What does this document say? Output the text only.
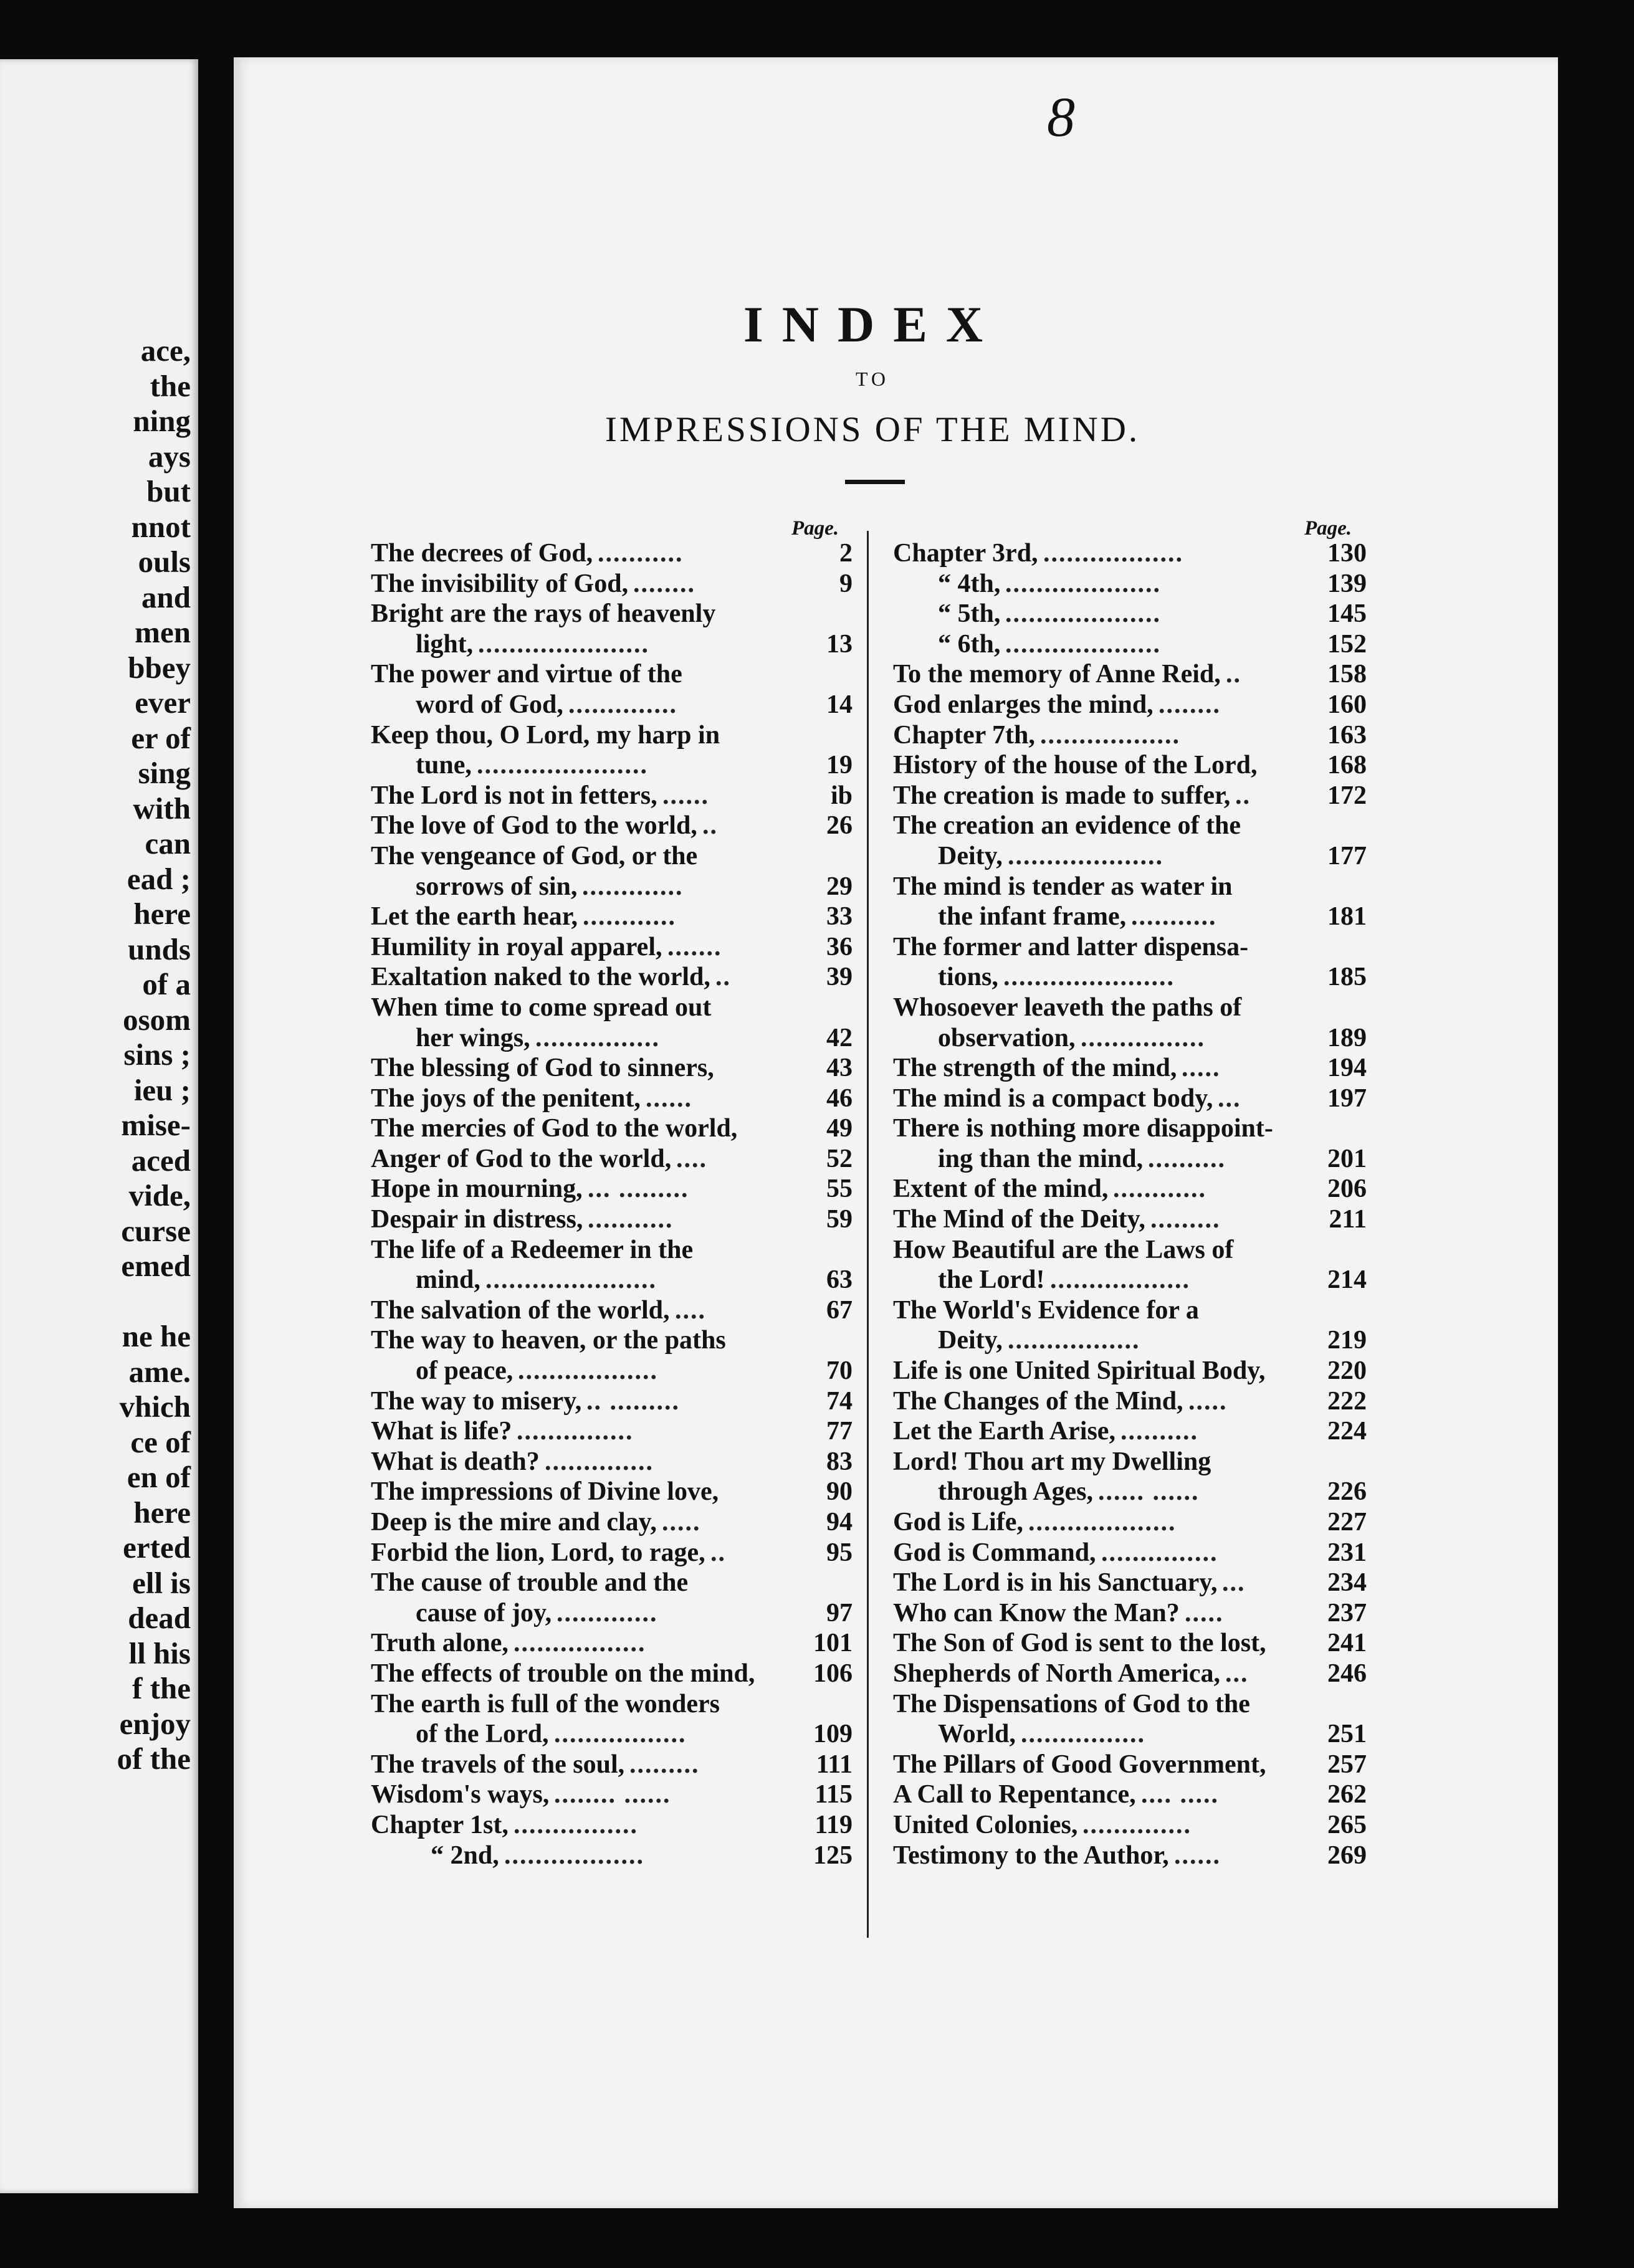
ace,
the
ning
ays
but
nnot
ouls
and
men
bbey
ever
er of
sing
with
can
ead ;
here
unds
of a
osom
sins ;
ieu ;
mise-
aced
vide,
curse
emed
ne he
ame.
vhich
ce of
en of
here
erted
ell is
dead
ll his
f the
enjoy
of the
8
INDEX
TO
IMPRESSIONS OF THE MIND.
Page.	Page.
The decrees of God, ...........	2
The invisibility of God, ........	9
Bright are the rays of heavenly
light, ......................	13
The power and virtue of the
word of God, ..............	14
Keep thou, O Lord, my harp in
tune, ......................	19
The Lord is not in fetters, ......	ib
The love of God to the world, ..	26
The vengeance of God, or the
sorrows of sin, .............	29
Let the earth hear, ............	33
Humility in royal apparel, .......	36
Exaltation naked to the world, ..	39
When time to come spread out
her wings, ................	42
The blessing of God to sinners,	43
The joys of the penitent, ......	46
The mercies of God to the world,	49
Anger of God to the world, ....	52
Hope in mourning, ... .........	55
Despair in distress, ...........	59
The life of a Redeemer in the
mind, ......................	63
The salvation of the world, ....	67
The way to heaven, or the paths
of peace, ..................	70
The way to misery, .. .........	74
What is life? ...............	77
What is death? ..............	83
The impressions of Divine love,	90
Deep is the mire and clay, .....	94
Forbid the lion, Lord, to rage, ..	95
The cause of trouble and the
cause of joy, .............	97
Truth alone, .................	101
The effects of trouble on the mind, 106
The earth is full of the wonders
of the Lord, .................	109
The travels of the soul, .........	111
Wisdom's ways, ........ ......	115
Chapter 1st, ................	119
“ 2nd, ..................	125
Chapter 3rd, ..................	130
“ 4th, ....................	139
“ 5th, ....................	145
“ 6th, ....................	152
To the memory of Anne Reid, ..	158
God enlarges the mind, ........	160
Chapter 7th, ..................	163
History of the house of the Lord,	168
The creation is made to suffer, ..	172
The creation an evidence of the
Deity, ....................	177
The mind is tender as water in
the infant frame, ...........	181
The former and latter dispensa-
tions, ......................	185
Whosoever leaveth the paths of
observation, ................	189
The strength of the mind, .....	194
The mind is a compact body, ...	197
There is nothing more disappoint-
ing than the mind, ..........	201
Extent of the mind, ............	206
The Mind of the Deity, .........	211
How Beautiful are the Laws of
the Lord! ..................	214
The World's Evidence for a
Deity, .................	219
Life is one United Spiritual Body, 220
The Changes of the Mind, .....	222
Let the Earth Arise, ..........	224
Lord! Thou art my Dwelling
through Ages, ...... ......	226
God is Life, ...................	227
God is Command, ...............	231
The Lord is in his Sanctuary, ...	234
Who can Know the Man? .....	237
The Son of God is sent to the lost, 241
Shepherds of North America, ...	246
The Dispensations of God to the
World, ................	251
The Pillars of Good Government, 257
A Call to Repentance, .... .....	262
United Colonies, ..............	265
Testimony to the Author, ......	269
